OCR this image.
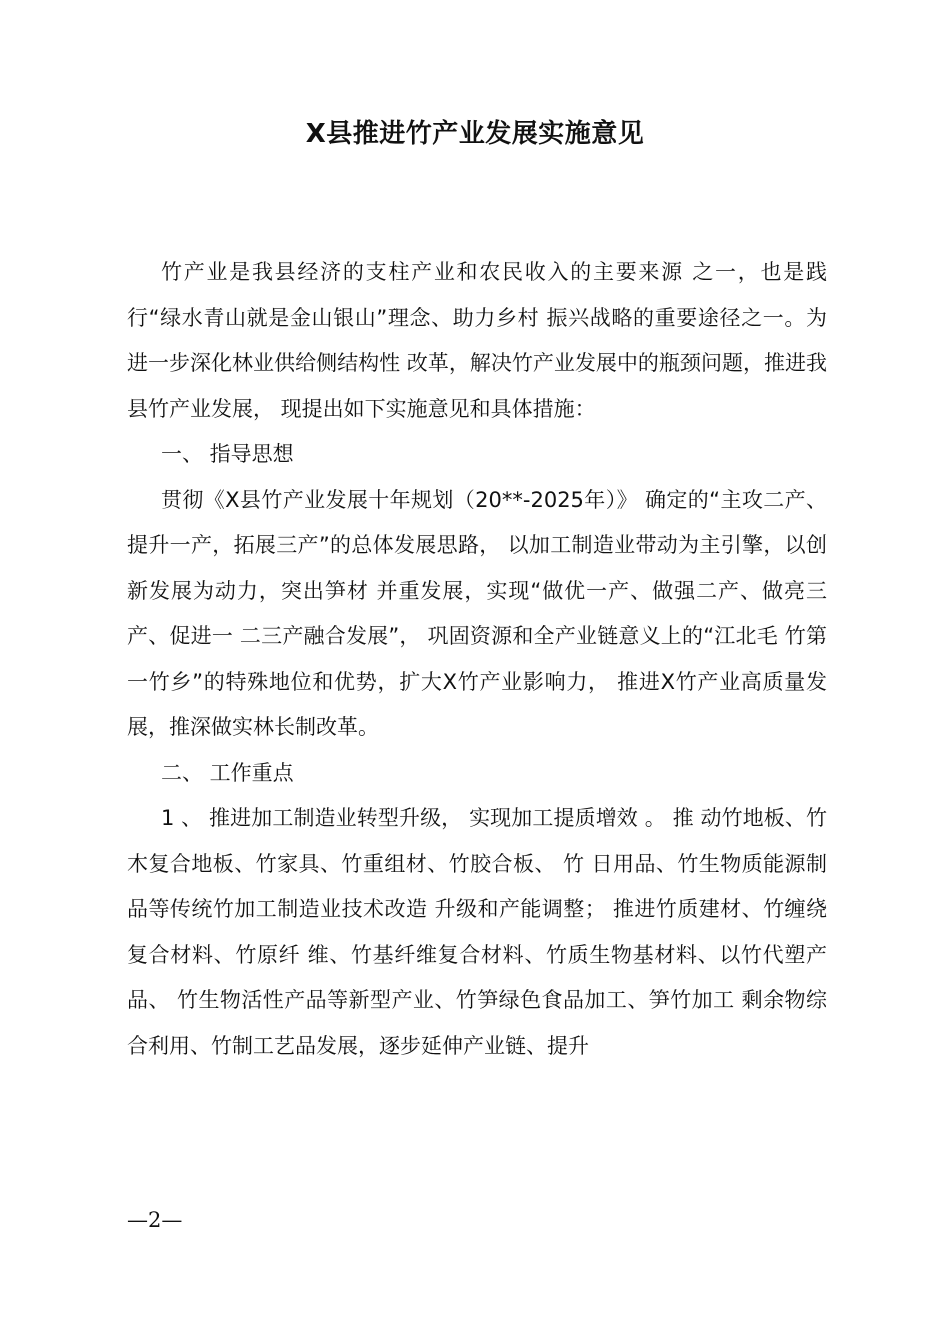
X县推进竹产业发展实施意见

竹产业是我县经济的支柱产业和农民收入的主要来源 之一，也是践行“绿水青山就是金山银山”理念、助力乡村 振兴战略的重要途径之一。为进一步深化林业供给侧结构性 改革，解决竹产业发展中的瓶颈问题，推进我县竹产业发展， 现提出如下实施意见和具体措施：

一、 指导思想

贯彻《X县竹产业发展十年规划（20**-2025年）》 确定的“主攻二产、提升一产，拓展三产”的总体发展思路， 以加工制造业带动为主引擎，以创新发展为动力，突出笋材 并重发展，实现“做优一产、做强二产、做亮三产、促进一 二三产融合发展”， 巩固资源和全产业链意义上的“江北毛 竹第一竹乡”的特殊地位和优势，扩大X竹产业影响力， 推进X竹产业高质量发展，推深做实林长制改革。

二、 工作重点

1 、 推进加工制造业转型升级， 实现加工提质增效 。 推 动竹地板、竹木复合地板、竹家具、竹重组材、竹胶合板、 竹 日用品、竹生物质能源制品等传统竹加工制造业技术改造 升级和产能调整； 推进竹质建材、竹缠绕复合材料、竹原纤 维、竹基纤维复合材料、竹质生物基材料、以竹代塑产品、 竹生物活性产品等新型产业、竹笋绿色食品加工、笋竹加工 剩余物综合利用、竹制工艺品发展，逐步延伸产业链、提升

—2—
